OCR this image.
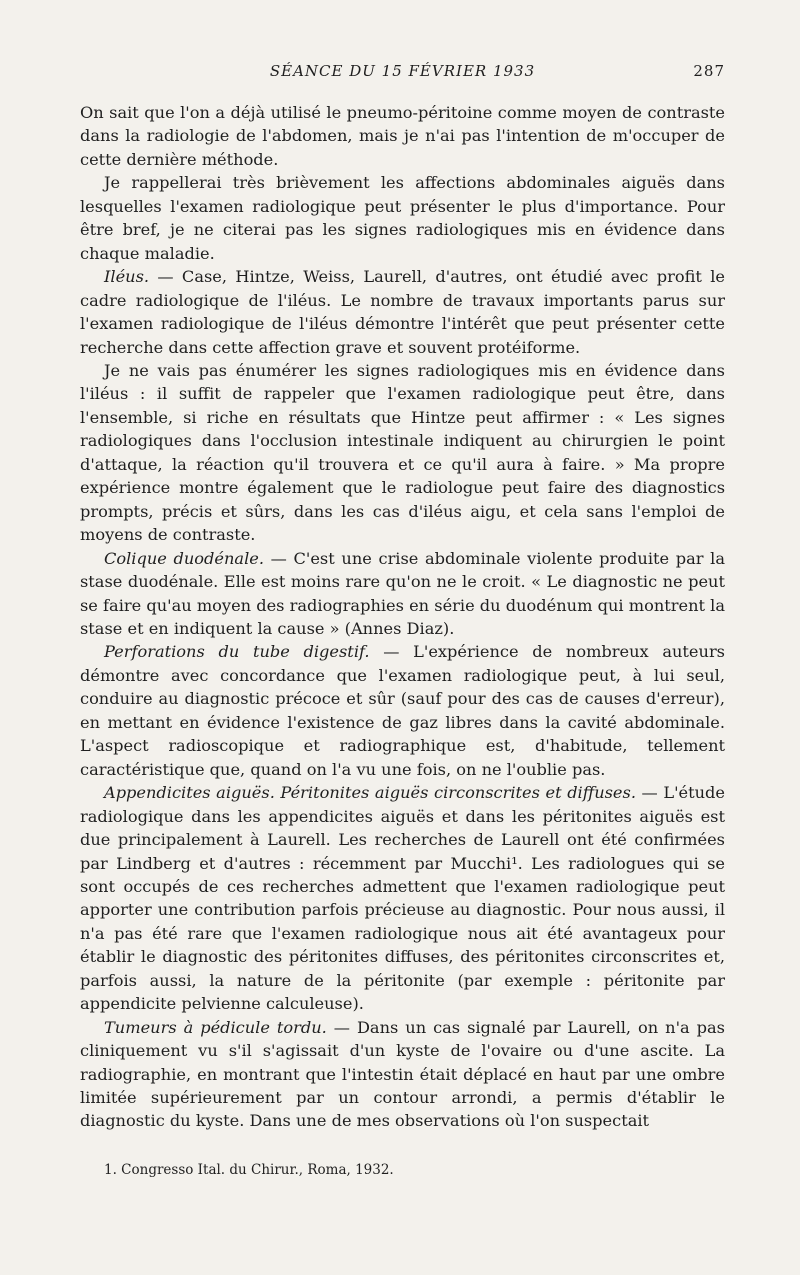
SÉANCE DU 15 FÉVRIER 1933	287

On sait que l'on a déjà utilisé le pneumo-péritoine comme moyen de contraste dans la radiologie de l'abdomen, mais je n'ai pas l'intention de m'occuper de cette dernière méthode.

Je rappellerai très brièvement les affections abdominales aiguës dans lesquelles l'examen radiologique peut présenter le plus d'importance. Pour être bref, je ne citerai pas les signes radiologiques mis en évidence dans chaque maladie.

Iléus. — Case, Hintze, Weiss, Laurell, d'autres, ont étudié avec profit le cadre radiologique de l'iléus. Le nombre de travaux importants parus sur l'examen radiologique de l'iléus démontre l'intérêt que peut présenter cette recherche dans cette affection grave et souvent protéiforme.

Je ne vais pas énumérer les signes radiologiques mis en évidence dans l'iléus : il suffit de rappeler que l'examen radiologique peut être, dans l'ensemble, si riche en résultats que Hintze peut affirmer : « Les signes radiologiques dans l'occlusion intestinale indiquent au chirurgien le point d'attaque, la réaction qu'il trouvera et ce qu'il aura à faire. » Ma propre expérience montre également que le radiologue peut faire des diagnostics prompts, précis et sûrs, dans les cas d'iléus aigu, et cela sans l'emploi de moyens de contraste.

Colique duodénale. — C'est une crise abdominale violente produite par la stase duodénale. Elle est moins rare qu'on ne le croit. « Le diagnostic ne peut se faire qu'au moyen des radiographies en série du duodénum qui montrent la stase et en indiquent la cause » (Annes Diaz).

Perforations du tube digestif. — L'expérience de nombreux auteurs démontre avec concordance que l'examen radiologique peut, à lui seul, conduire au diagnostic précoce et sûr (sauf pour des cas de causes d'erreur), en mettant en évidence l'existence de gaz libres dans la cavité abdominale. L'aspect radioscopique et radiographique est, d'habitude, tellement caractéristique que, quand on l'a vu une fois, on ne l'oublie pas.

Appendicites aiguës. Péritonites aiguës circonscrites et diffuses. — L'étude radiologique dans les appendicites aiguës et dans les péritonites aiguës est due principalement à Laurell. Les recherches de Laurell ont été confirmées par Lindberg et d'autres : récemment par Mucchi¹. Les radiologues qui se sont occupés de ces recherches admettent que l'examen radiologique peut apporter une contribution parfois précieuse au diagnostic. Pour nous aussi, il n'a pas été rare que l'examen radiologique nous ait été avantageux pour établir le diagnostic des péritonites diffuses, des péritonites circonscrites et, parfois aussi, la nature de la péritonite (par exemple : péritonite par appendicite pelvienne calculeuse).

Tumeurs à pédicule tordu. — Dans un cas signalé par Laurell, on n'a pas cliniquement vu s'il s'agissait d'un kyste de l'ovaire ou d'une ascite. La radiographie, en montrant que l'intestin était déplacé en haut par une ombre limitée supérieurement par un contour arrondi, a permis d'établir le diagnostic du kyste. Dans une de mes observations où l'on suspectait

1. Congresso Ital. du Chirur., Roma, 1932.
